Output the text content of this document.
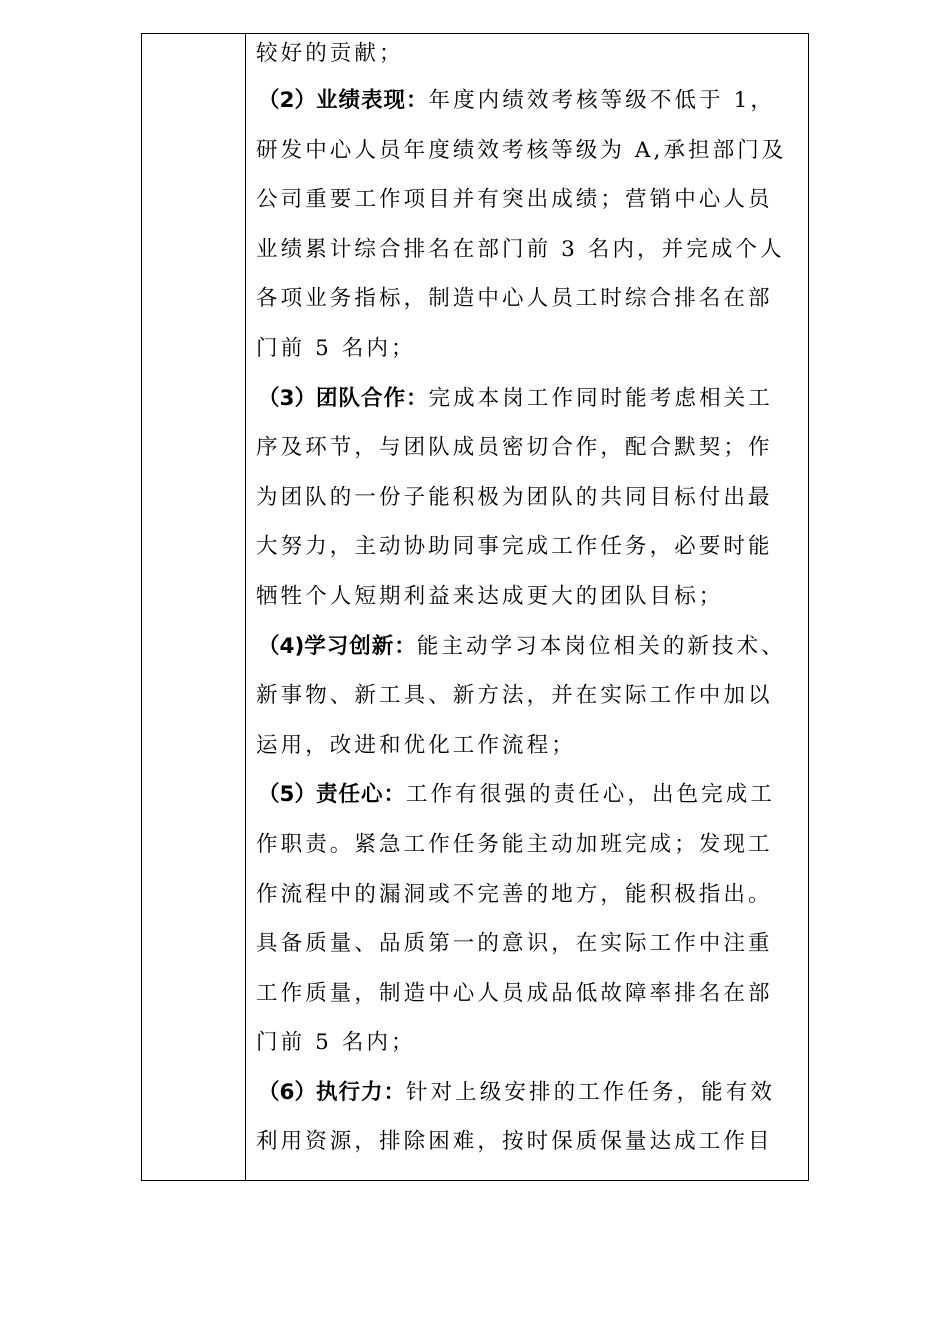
较好的贡献；
（2）业绩表现：年度内绩效考核等级不低于 1，
研发中心人员年度绩效考核等级为 A,承担部门及
公司重要工作项目并有突出成绩；营销中心人员
业绩累计综合排名在部门前 3 名内，并完成个人
各项业务指标，制造中心人员工时综合排名在部
门前 5 名内；
（3）团队合作：完成本岗工作同时能考虑相关工
序及环节，与团队成员密切合作，配合默契；作
为团队的一份子能积极为团队的共同目标付出最
大努力，主动协助同事完成工作任务，必要时能
牺牲个人短期利益来达成更大的团队目标；
（4)学习创新：能主动学习本岗位相关的新技术、
新事物、新工具、新方法，并在实际工作中加以
运用，改进和优化工作流程；
（5）责任心：工作有很强的责任心，出色完成工
作职责。紧急工作任务能主动加班完成；发现工
作流程中的漏洞或不完善的地方，能积极指出。
具备质量、品质第一的意识，在实际工作中注重
工作质量，制造中心人员成品低故障率排名在部
门前 5 名内；
（6）执行力：针对上级安排的工作任务，能有效
利用资源，排除困难，按时保质保量达成工作目
